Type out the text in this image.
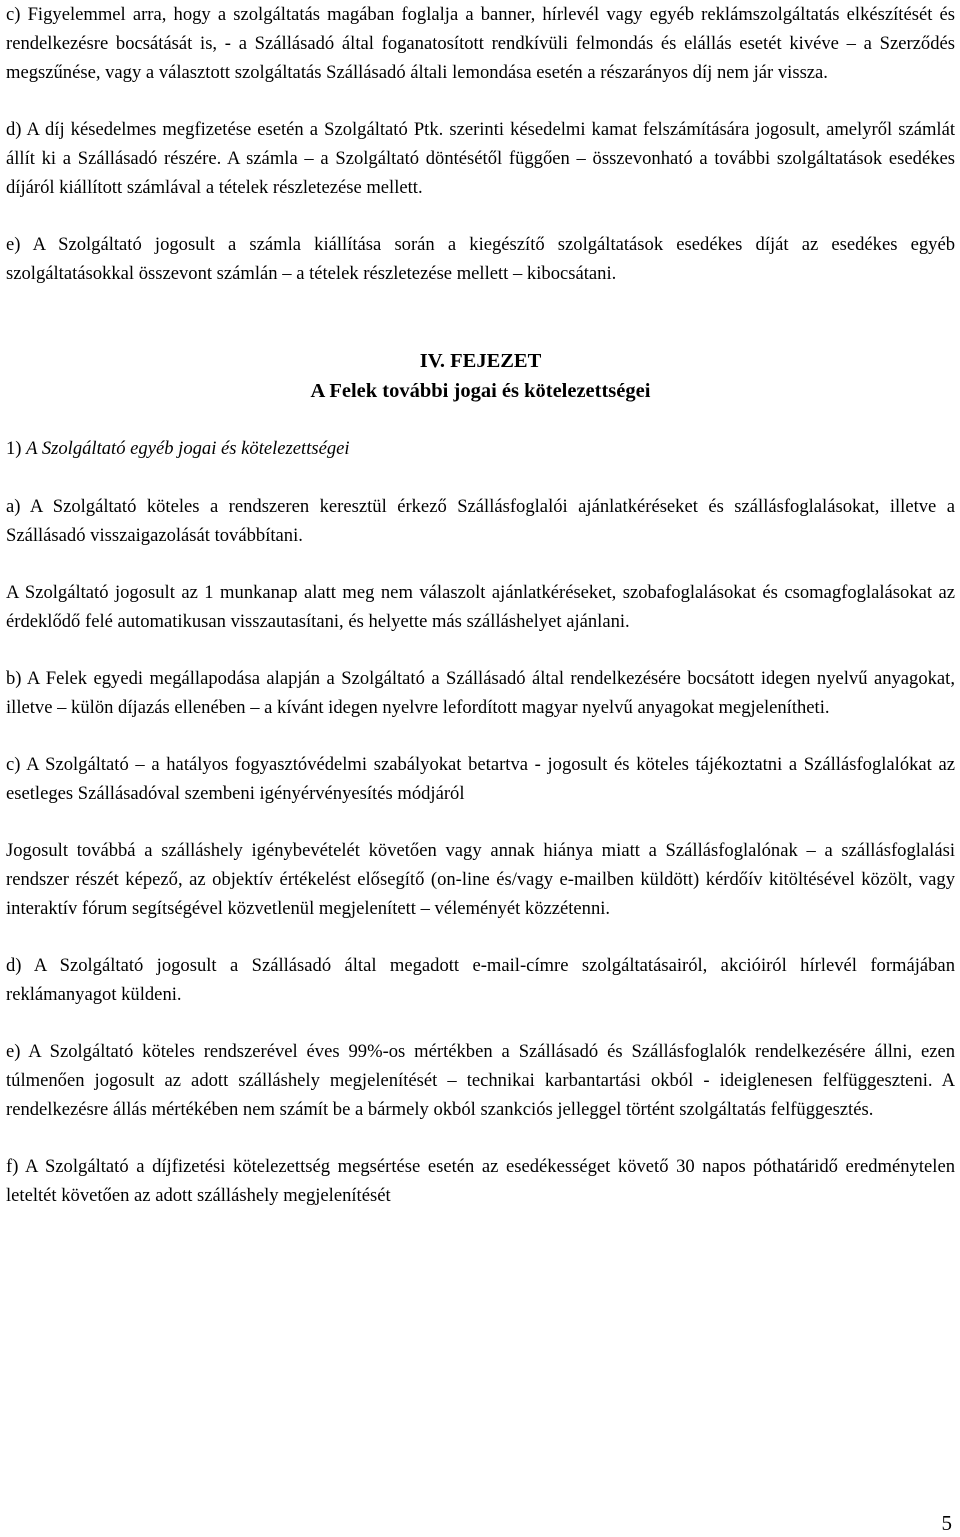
c) Figyelemmel arra, hogy a szolgáltatás magában foglalja a banner, hírlevél vagy egyéb reklámszolgáltatás elkészítését és rendelkezésre bocsátását is, - a Szállásadó által foganatosított rendkívüli felmondás és elállás esetét kivéve – a Szerződés megszűnése, vagy a választott szolgáltatás Szállásadó általi lemondása esetén a részarányos díj nem jár vissza.

d) A díj késedelmes megfizetése esetén a Szolgáltató Ptk. szerinti késedelmi kamat felszámítására jogosult, amelyről számlát állít ki a Szállásadó részére. A számla – a Szolgáltató döntésétől függően – összevonható a további szolgáltatások esedékes díjáról kiállított számlával a tételek részletezése mellett.

e) A Szolgáltató jogosult a számla kiállítása során a kiegészítő szolgáltatások esedékes díját az esedékes egyéb szolgáltatásokkal összevont számlán – a tételek részletezése mellett – kibocsátani.

IV. FEJEZET

A Felek további jogai és kötelezettségei

1) A Szolgáltató egyéb jogai és kötelezettségei

a) A Szolgáltató köteles a rendszeren keresztül érkező Szállásfoglalói ajánlatkéréseket és szállásfoglalásokat, illetve a Szállásadó visszaigazolását továbbítani.

A Szolgáltató jogosult az 1 munkanap alatt meg nem válaszolt ajánlatkéréseket, szobafoglalásokat és csomagfoglalásokat az érdeklődő felé automatikusan visszautasítani, és helyette más szálláshelyet ajánlani.

b) A Felek egyedi megállapodása alapján a Szolgáltató a Szállásadó által rendelkezésére bocsátott idegen nyelvű anyagokat, illetve – külön díjazás ellenében – a kívánt idegen nyelvre lefordított magyar nyelvű anyagokat megjelenítheti.

c) A Szolgáltató – a hatályos fogyasztóvédelmi szabályokat betartva - jogosult és köteles tájékoztatni a Szállásfoglalókat az esetleges Szállásadóval szembeni igényérvényesítés módjáról

Jogosult továbbá a szálláshely igénybevételét követően vagy annak hiánya miatt a Szállásfoglalónak – a szállásfoglalási rendszer részét képező, az objektív értékelést elősegítő (on-line és/vagy e-mailben küldött) kérdőív kitöltésével közölt, vagy interaktív fórum segítségével közvetlenül megjelenített – véleményét közzétenni.

d) A Szolgáltató jogosult a Szállásadó által megadott e-mail-címre szolgáltatásairól, akcióiról hírlevél formájában reklámanyagot küldeni.

e) A Szolgáltató köteles rendszerével éves 99%-os mértékben a Szállásadó és Szállásfoglalók rendelkezésére állni, ezen túlmenően jogosult az adott szálláshely megjelenítését – technikai karbantartási okból - ideiglenesen felfüggeszteni. A rendelkezésre állás mértékében nem számít be a bármely okból szankciós jelleggel történt szolgáltatás felfüggesztés.

f) A Szolgáltató a díjfizetési kötelezettség megsértése esetén az esedékességet követő 30 napos póthatáridő eredménytelen leteltét követően az adott szálláshely megjelenítését

5
